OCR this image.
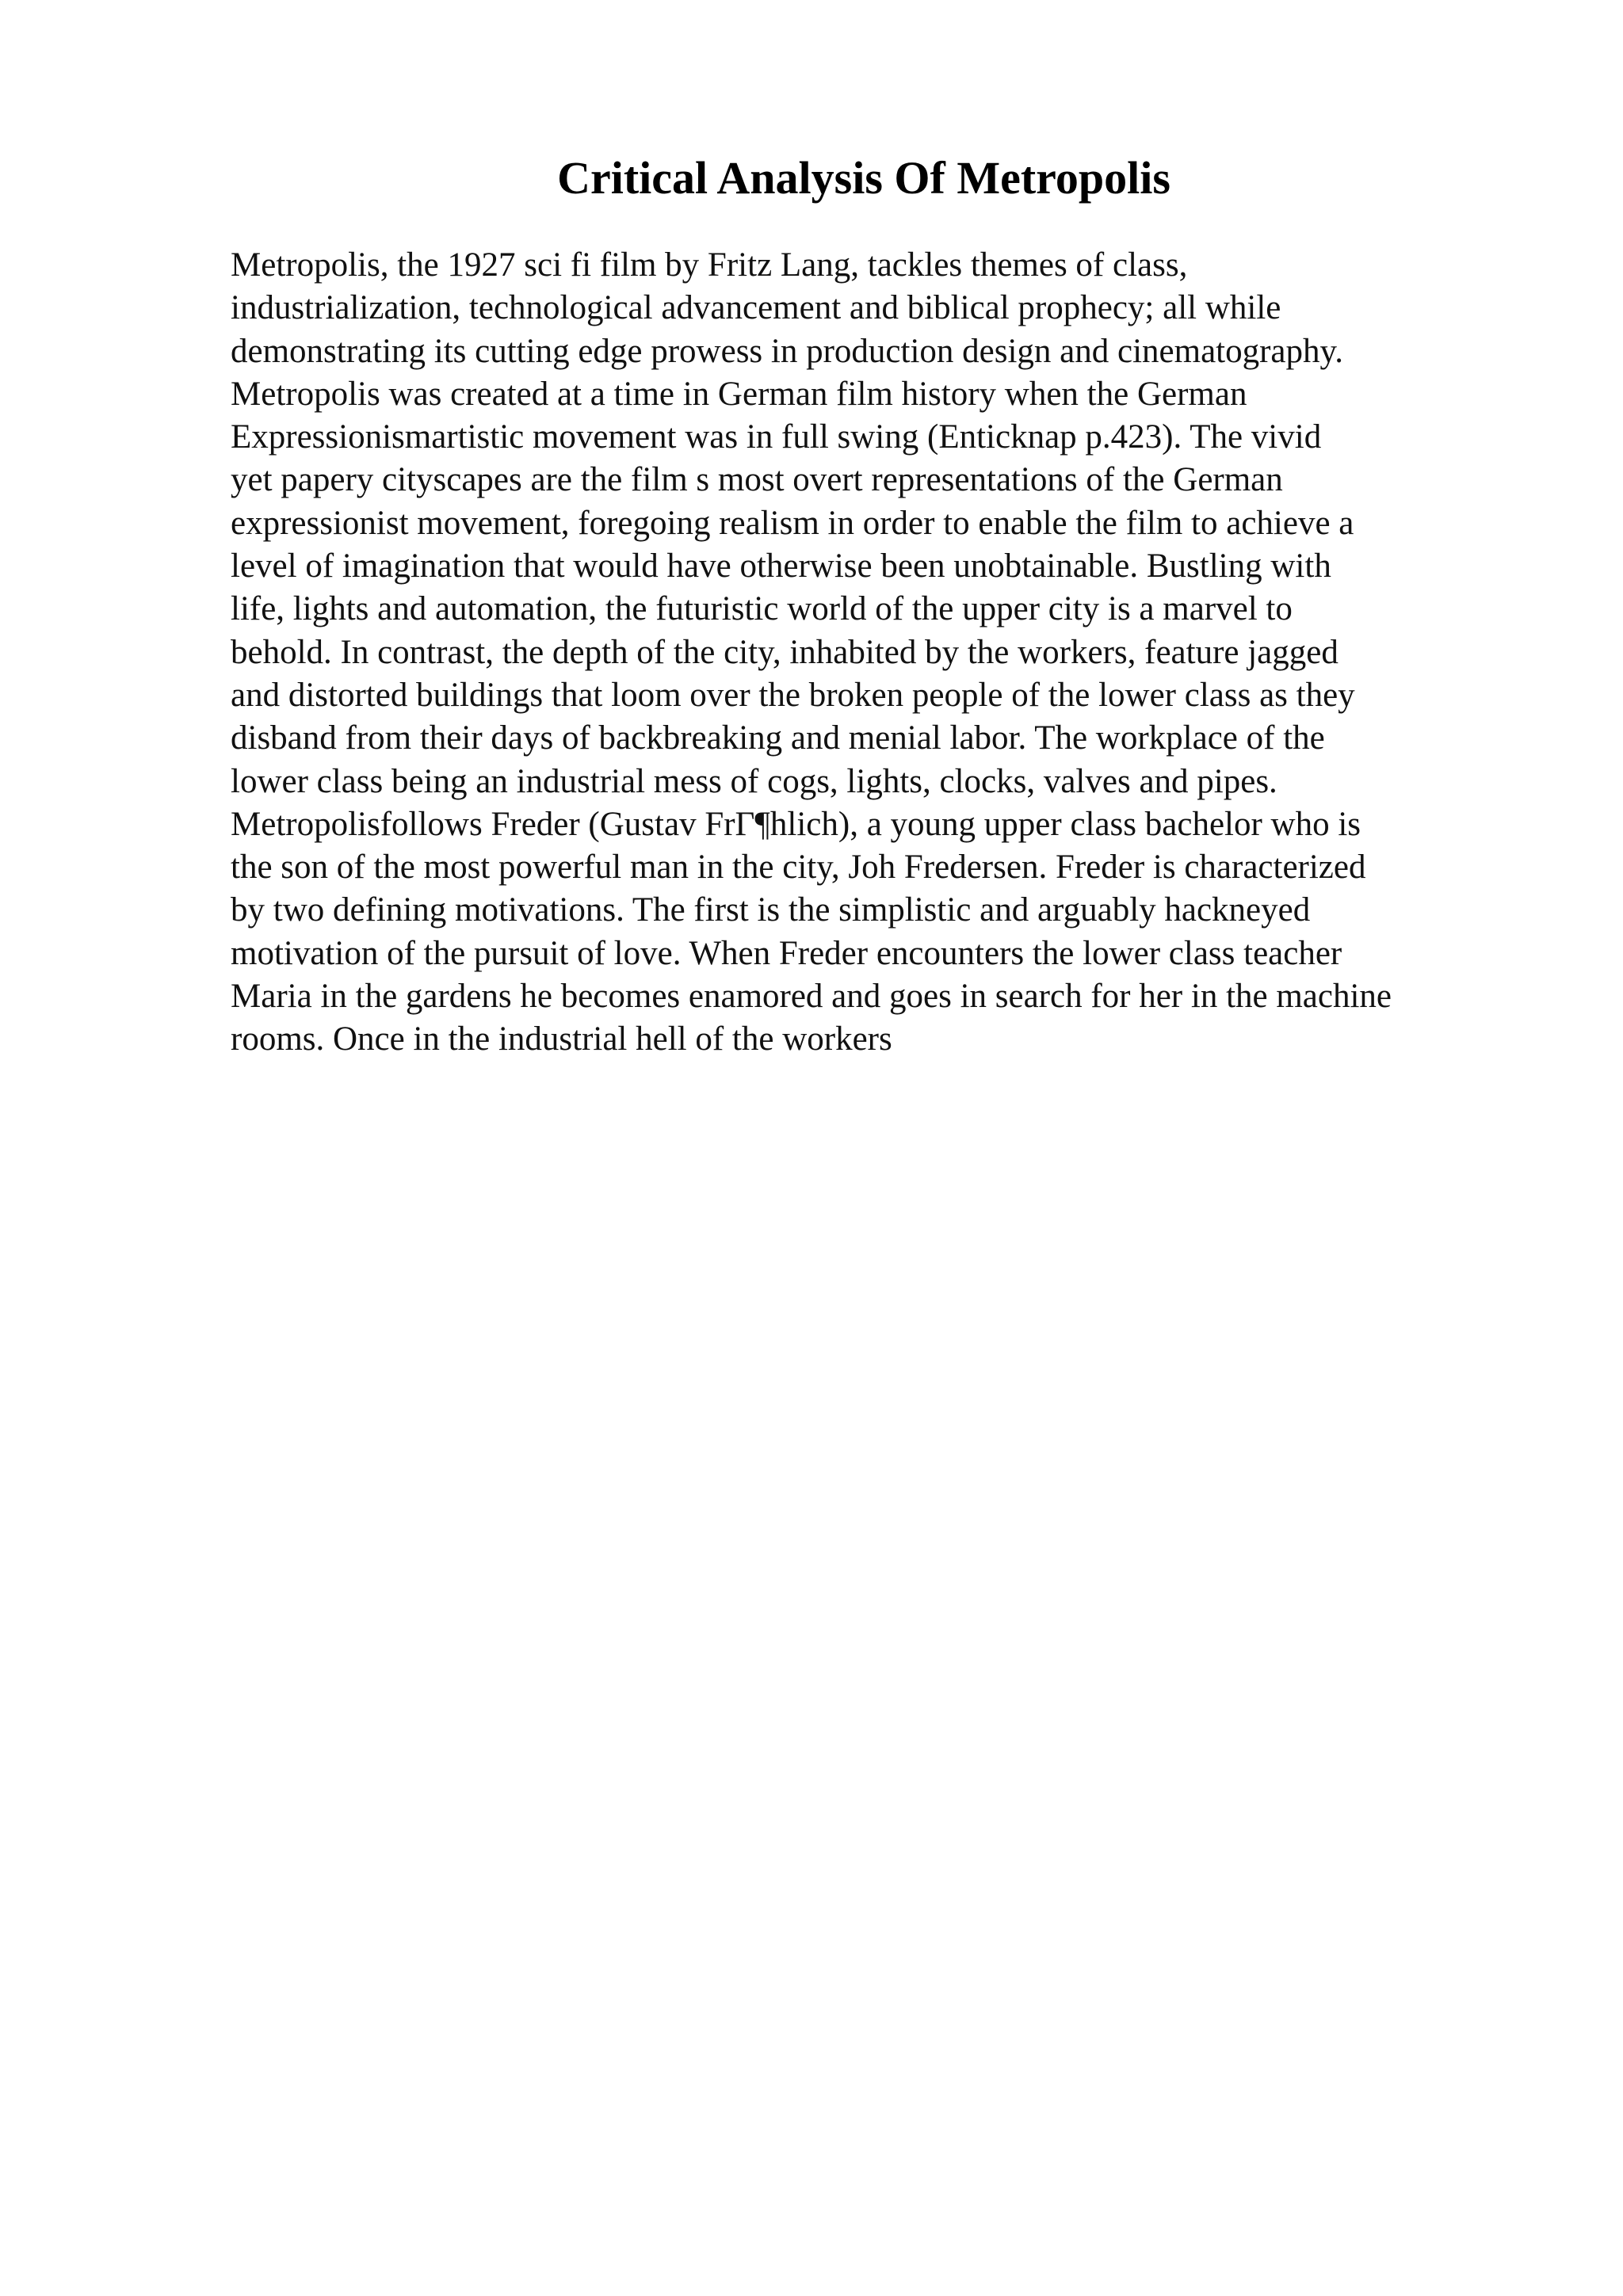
Critical Analysis Of Metropolis
Metropolis, the 1927 sci fi film by Fritz Lang, tackles themes of class,
industrialization, technological advancement and biblical prophecy; all while
demonstrating its cutting edge prowess in production design and cinematography.
Metropolis was created at a time in German film history when the German
Expressionismartistic movement was in full swing (Enticknap p.423). The vivid
yet papery cityscapes are the film s most overt representations of the German
expressionist movement, foregoing realism in order to enable the film to achieve a
level of imagination that would have otherwise been unobtainable. Bustling with
life, lights and automation, the futuristic world of the upper city is a marvel to
behold. In contrast, the depth of the city, inhabited by the workers, feature jagged
and distorted buildings that loom over the broken people of the lower class as they
disband from their days of backbreaking and menial labor. The workplace of the
lower class being an industrial mess of cogs, lights, clocks, valves and pipes.
Metropolisfollows Freder (Gustav FrГ¶hlich), a young upper class bachelor who is
the son of the most powerful man in the city, Joh Fredersen. Freder is characterized
by two defining motivations. The first is the simplistic and arguably hackneyed
motivation of the pursuit of love. When Freder encounters the lower class teacher
Maria in the gardens he becomes enamored and goes in search for her in the machine
rooms. Once in the industrial hell of the workers
